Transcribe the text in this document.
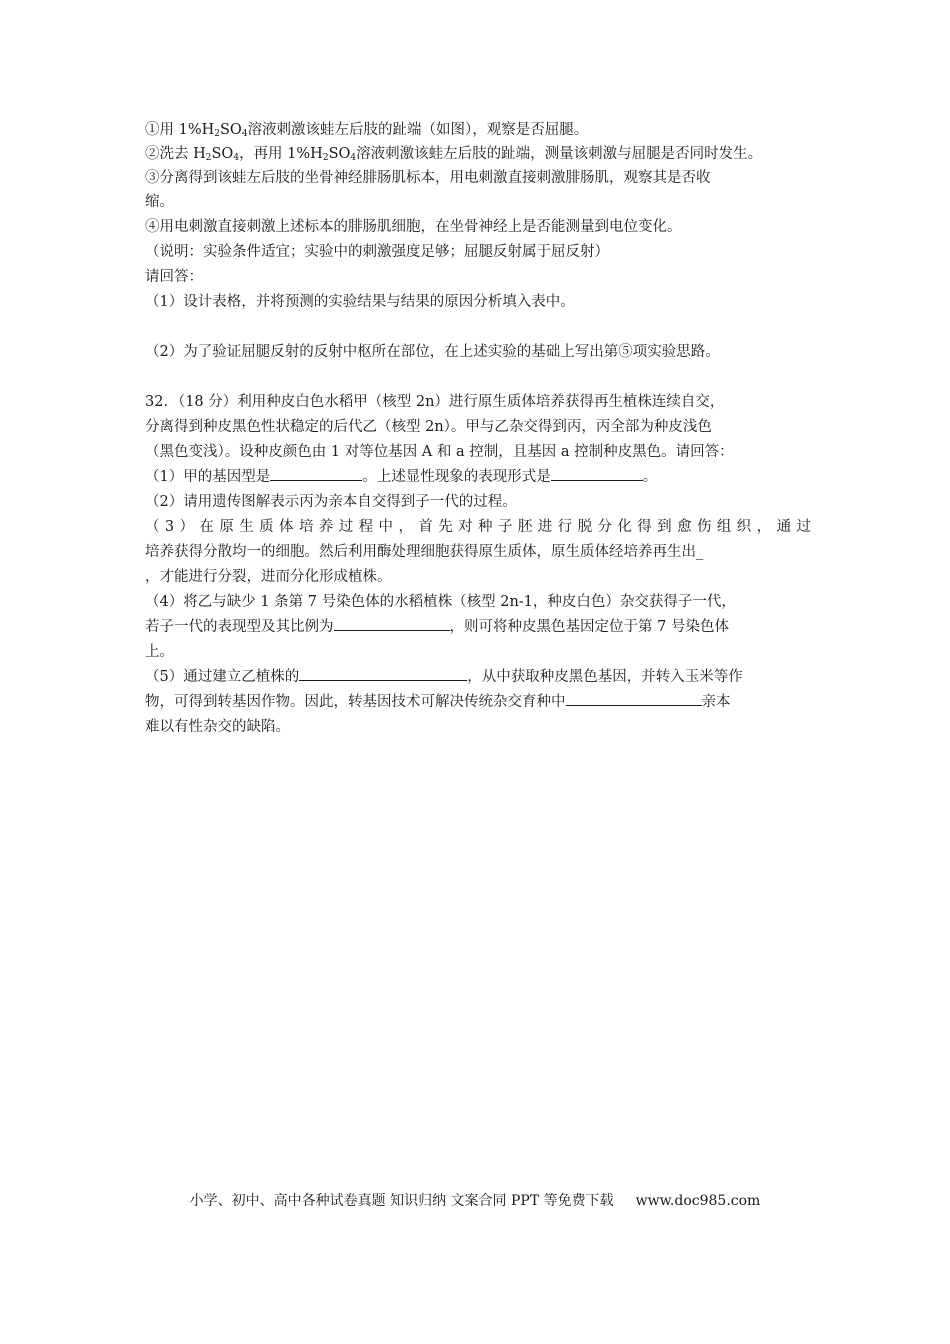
①用 $1\%H_2SO_4$溶液刺激该蛙左后肢的趾端（如图），观察是否屈腿。
②洗去 $H_2SO_4$，再用 $1\%H_2SO_4$溶液刺激该蛙左后肢的趾端，测量该刺激与屈腿是否同时发生。
③分离得到该蛙左后肢的坐骨神经腓肠肌标本，用电刺激直接刺激腓肠肌，观察其是否收
缩。
④用电刺激直接刺激上述标本的腓肠肌细胞，在坐骨神经上是否能测量到电位变化。
（说明：实验条件适宜；实验中的刺激强度足够；屈腿反射属于屈反射）
请回答：
（1）设计表格，并将预测的实验结果与结果的原因分析填入表中。
（2）为了验证屈腿反射的反射中枢所在部位，在上述实验的基础上写出第⑤项实验思路。
32．（18 分）利用种皮白色水稻甲（核型 2n）进行原生质体培养获得再生植株连续自交，
分离得到种皮黑色性状稳定的后代乙（核型 2n）。甲与乙杂交得到丙，丙全部为种皮浅色
（黑色变浅）。设种皮颜色由 1 对等位基因 A 和 a 控制，且基因 a 控制种皮黑色。请回答：
（1）甲的基因型是	。上述显性现象的表现形式是	。
（2）请用遗传图解表示丙为亲本自交得到子一代的过程。
（3）在原生质体培养过程中，首先对种子胚进行脱分化得到愈伤组织，通过
培养获得分散均一的细胞。然后利用酶处理细胞获得原生质体，原生质体经培养再生出_
，才能进行分裂，进而分化形成植株。
（4）将乙与缺少 1 条第 7 号染色体的水稻植株（核型 2n-1，种皮白色）杂交获得子一代，
若子一代的表现型及其比例为	，则可将种皮黑色基因定位于第 7 号染色体
上。
（5）通过建立乙植株的	，从中获取种皮黑色基因，并转入玉米等作
物，可得到转基因作物。因此，转基因技术可解决传统杂交育种中	亲本
难以有性杂交的缺陷。
小学、初中、高中各种试卷真题 知识归纳 文案合同 PPT 等免费下载 www.doc985.com
